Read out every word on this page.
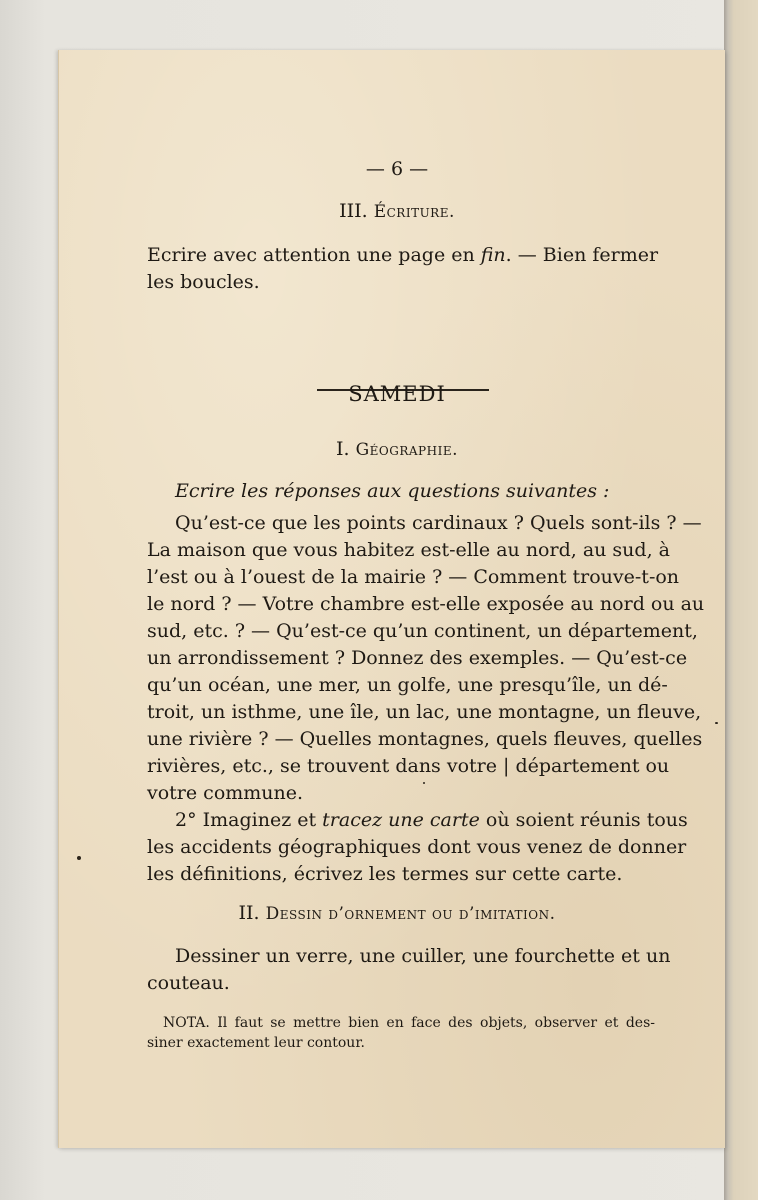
— 6 —
III. Écriture.
Ecrire avec attention une page en fin. — Bien fermer
les boucles.
SAMEDI
I. Géographie.
Ecrire les réponses aux questions suivantes :
Qu’est-ce que les points cardinaux ? Quels sont-ils ? —
La maison que vous habitez est-elle au nord, au sud, à
l’est ou à l’ouest de la mairie ? — Comment trouve-t-on
le nord ? — Votre chambre est-elle exposée au nord ou au
sud, etc. ? — Qu’est-ce qu’un continent, un département,
un arrondissement ? Donnez des exemples. — Qu’est-ce
qu’un océan, une mer, un golfe, une presqu’île, un dé-
troit, un isthme, une île, un lac, une montagne, un fleuve,
une rivière ? — Quelles montagnes, quels fleuves, quelles
rivières, etc., se trouvent dans votre | département ou
votre commune.
2° Imaginez et tracez une carte où soient réunis tous
les accidents géographiques dont vous venez de donner
les définitions, écrivez les termes sur cette carte.
II. Dessin d’ornement ou d’imitation.
Dessiner un verre, une cuiller, une fourchette et un
couteau.
NOTA. Il faut se mettre bien en face des objets, observer et des-
siner exactement leur contour.
